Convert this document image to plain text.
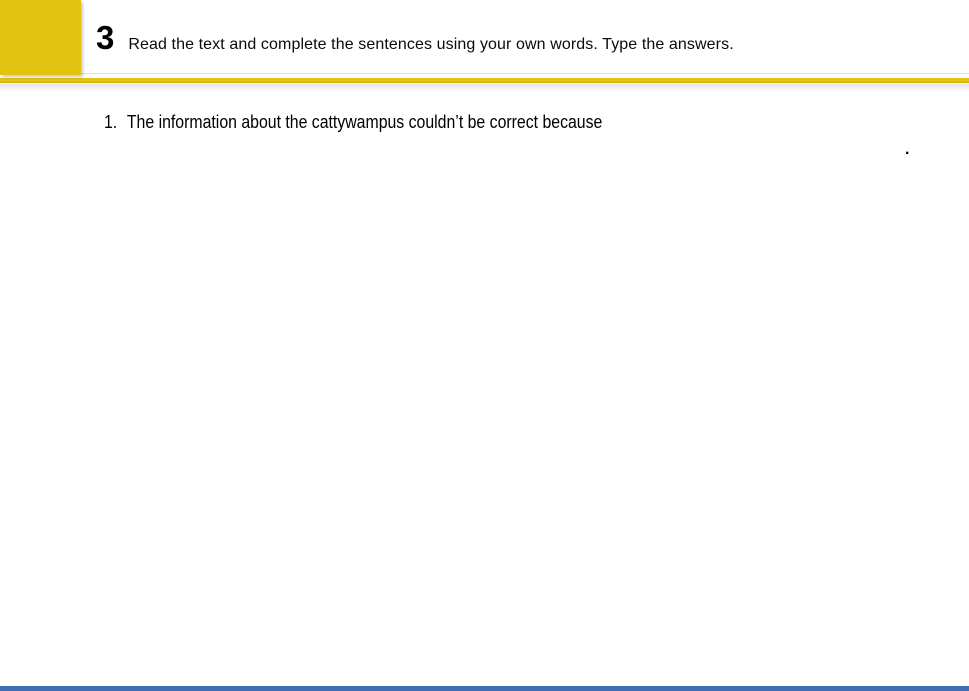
3 Read the text and complete the sentences using your own words. Type the answers.
1. The information about the cattywampus couldn’t be correct because
.
